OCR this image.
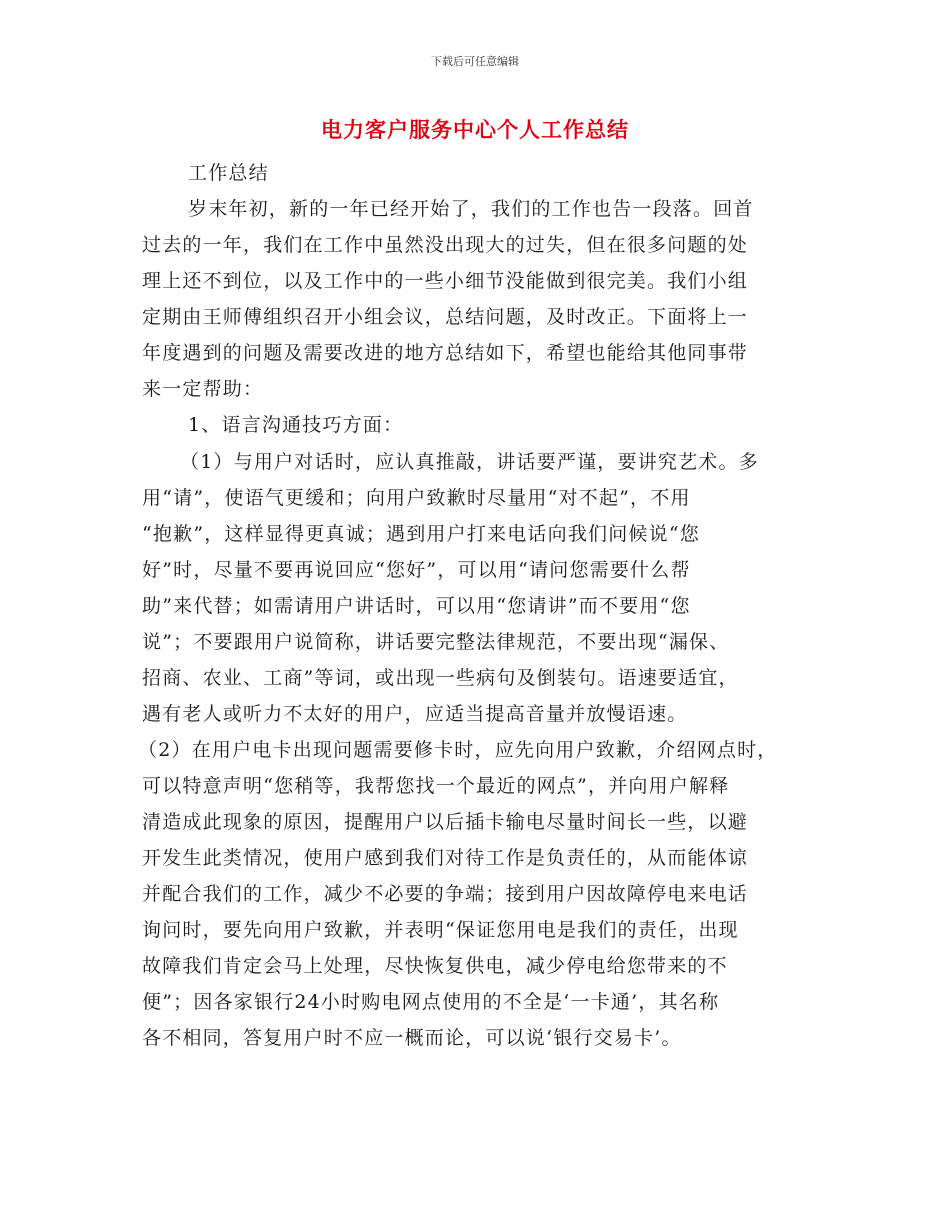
下载后可任意编辑
电力客户服务中心个人工作总结
工作总结
岁末年初，新的一年已经开始了，我们的工作也告一段落。回首
过去的一年，我们在工作中虽然没出现大的过失，但在很多问题的处
理上还不到位，以及工作中的一些小细节没能做到很完美。我们小组
定期由王师傅组织召开小组会议，总结问题，及时改正。下面将上一
年度遇到的问题及需要改进的地方总结如下，希望也能给其他同事带
来一定帮助：
1、语言沟通技巧方面：
（1）与用户对话时，应认真推敲，讲话要严谨，要讲究艺术。多
用“请”，使语气更缓和；向用户致歉时尽量用“对不起”，不用
“抱歉”，这样显得更真诚；遇到用户打来电话向我们问候说“您
好”时，尽量不要再说回应“您好”，可以用“请问您需要什么帮
助”来代替；如需请用户讲话时，可以用“您请讲”而不要用“您
说”；不要跟用户说简称，讲话要完整法律规范，不要出现“漏保、
招商、农业、工商”等词，或出现一些病句及倒装句。语速要适宜，
遇有老人或听力不太好的用户，应适当提高音量并放慢语速。
（2）在用户电卡出现问题需要修卡时，应先向用户致歉，介绍网点时，
可以特意声明“您稍等，我帮您找一个最近的网点”，并向用户解释
清造成此现象的原因，提醒用户以后插卡输电尽量时间长一些，以避
开发生此类情况，使用户感到我们对待工作是负责任的，从而能体谅
并配合我们的工作，减少不必要的争端；接到用户因故障停电来电话
询问时，要先向用户致歉，并表明“保证您用电是我们的责任，出现
故障我们肯定会马上处理，尽快恢复供电，减少停电给您带来的不
便”；因各家银行24小时购电网点使用的不全是‘一卡通’，其名称
各不相同，答复用户时不应一概而论，可以说‘银行交易卡’。
